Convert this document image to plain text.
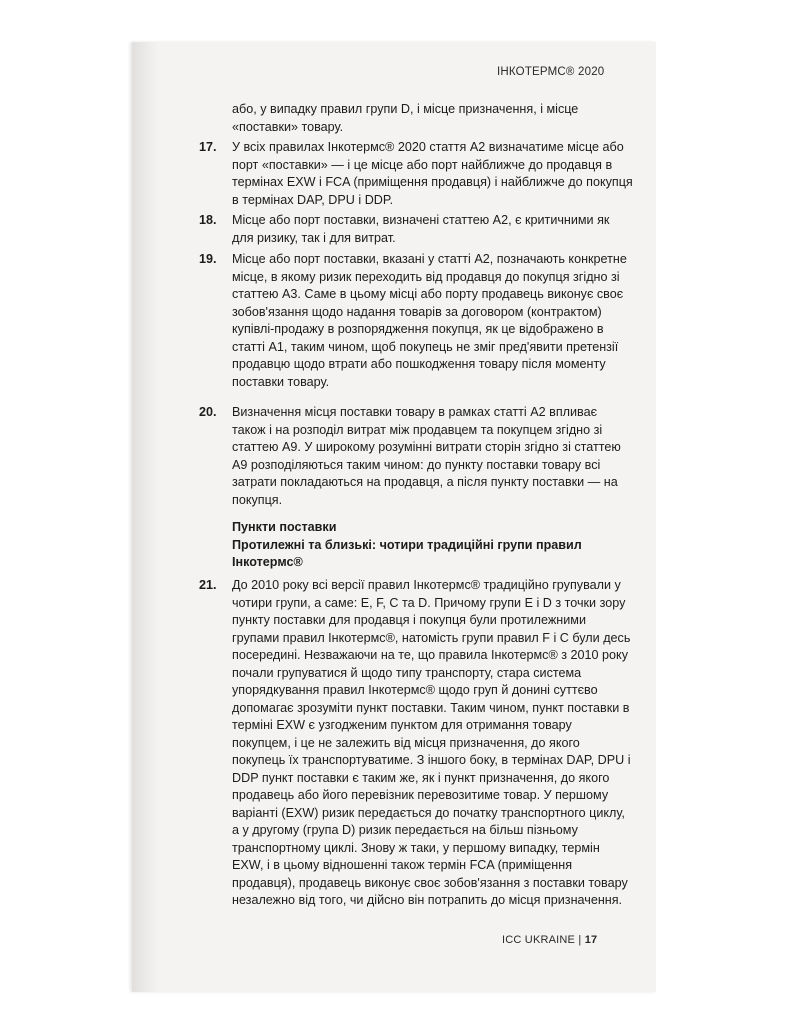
ІНКОТЕРМС® 2020

або, у випадку правил групи D, і місце призначення, і місце «поставки» товару.

17. У всіх правилах Інкотермс® 2020 стаття А2 визначатиме місце або порт «поставки» — і це місце або порт найближче до продавця в термінах EXW і FCA (приміщення продавця) і найближче до покупця в термінах DAP, DPU і DDP.

18. Місце або порт поставки, визначені статтею А2, є критичними як для ризику, так і для витрат.

19. Місце або порт поставки, вказані у статті А2, позначають конкретне місце, в якому ризик переходить від продавця до покупця згідно зі статтею А3. Саме в цьому місці або порту продавець виконує своє зобов'язання щодо надання товарів за договором (контрактом) купівлі-продажу в розпорядження покупця, як це відображено в статті А1, таким чином, щоб покупець не зміг пред'явити претензії продавцю щодо втрати або пошкодження товару після моменту поставки товару.

20. Визначення місця поставки товару в рамках статті А2 впливає також і на розподіл витрат між продавцем та покупцем згідно зі статтею А9. У широкому розумінні витрати сторін згідно зі статтею А9 розподіляються таким чином: до пункту поставки товару всі затрати покладаються на продавця, а після пункту поставки — на покупця.

Пункти поставки
Протилежні та близькі: чотири традиційні групи правил Інкотермс®
21. До 2010 року всі версії правил Інкотермс® традиційно групували у чотири групи, а саме: E, F, C та D. Причому групи E і D з точки зору пункту поставки для продавця і покупця були протилежними групами правил Інкотермс®, натомість групи правил F і C були десь посередині. Незважаючи на те, що правила Інкотермс® з 2010 року почали групуватися й щодо типу транспорту, стара система упорядкування правил Інкотермс® щодо груп й донині суттєво допомагає зрозуміти пункт поставки. Таким чином, пункт поставки в терміні EXW є узгодженим пунктом для отримання товару покупцем, і це не залежить від місця призначення, до якого покупець їх транспортуватиме. З іншого боку, в термінах DAP, DPU і DDP пункт поставки є таким же, як і пункт призначення, до якого продавець або його перевізник перевозитиме товар. У першому варіанті (EXW) ризик передається до початку транспортного циклу, а у другому (група D) ризик передається на більш пізньому транспортному циклі. Знову ж таки, у першому випадку, термін EXW, і в цьому відношенні також термін FCA (приміщення продавця), продавець виконує своє зобов'язання з поставки товару незалежно від того, чи дійсно він потрапить до місця призначення.

ICC UKRAINE | 17
